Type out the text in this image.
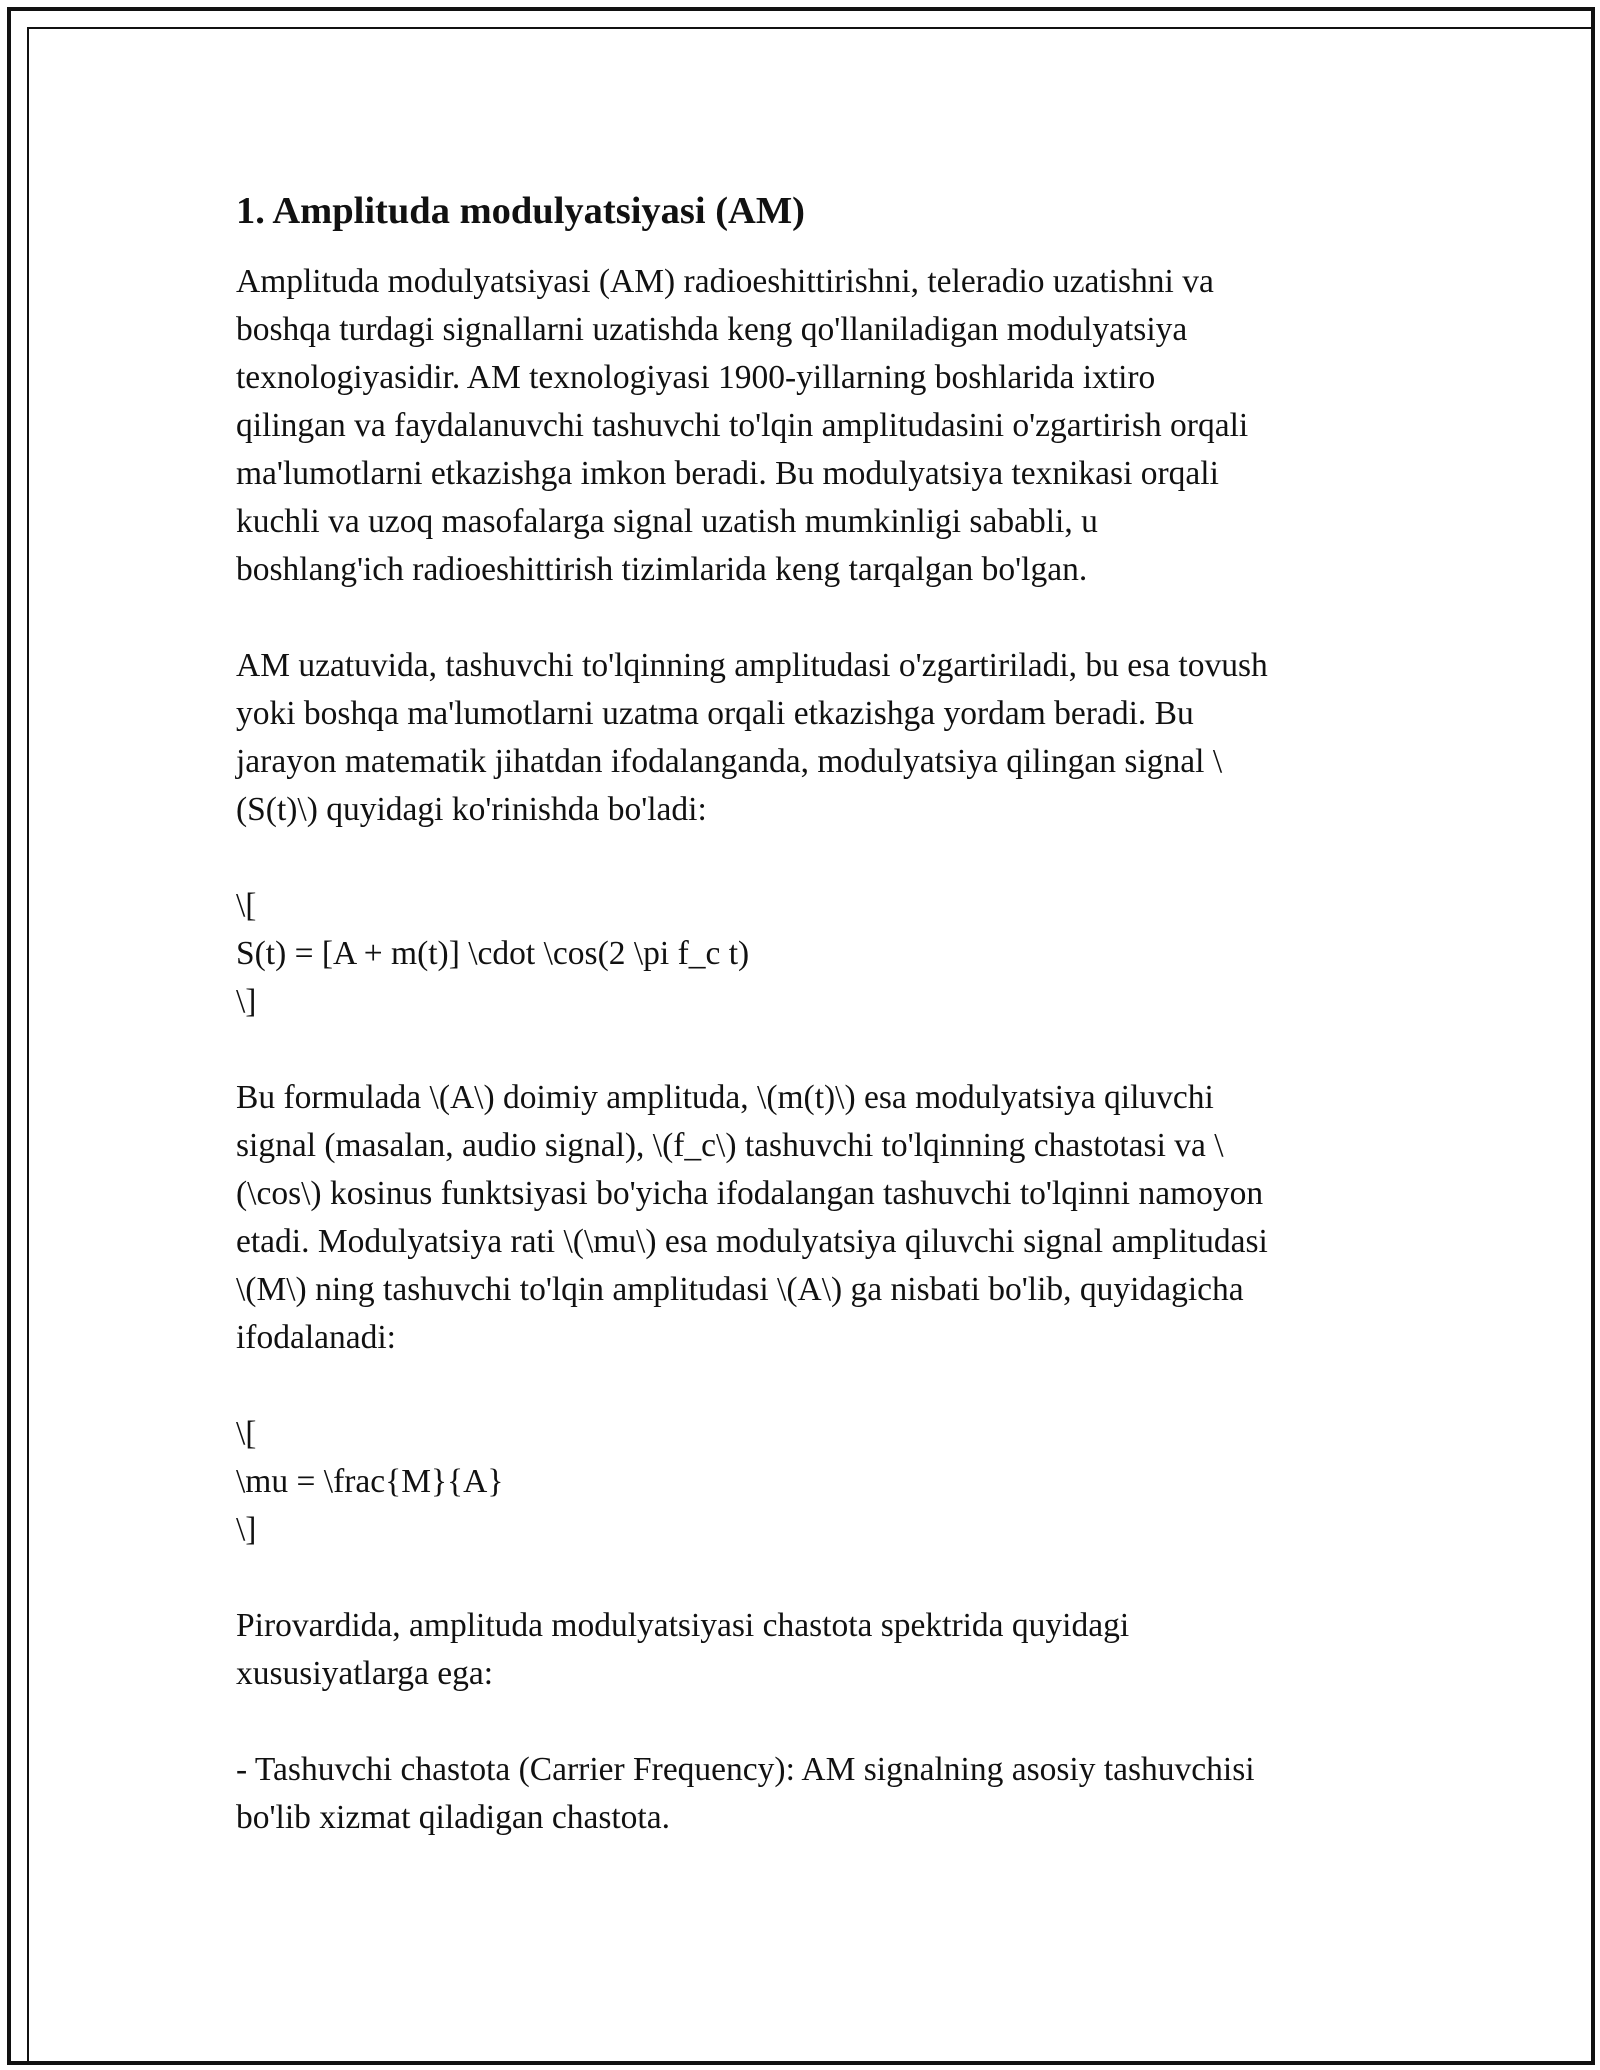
1. Amplituda modulyatsiyasi (AM)
Amplituda modulyatsiyasi (AM) radioeshittirishni, teleradio uzatishni va
boshqa turdagi signallarni uzatishda keng qo'llaniladigan modulyatsiya
texnologiyasidir. AM texnologiyasi 1900-yillarning boshlarida ixtiro
qilingan va faydalanuvchi tashuvchi to'lqin amplitudasini o'zgartirish orqali
ma'lumotlarni etkazishga imkon beradi. Bu modulyatsiya texnikasi orqali
kuchli va uzoq masofalarga signal uzatish mumkinligi sababli, u
boshlang'ich radioeshittirish tizimlarida keng tarqalgan bo'lgan.
AM uzatuvida, tashuvchi to'lqinning amplitudasi o'zgartiriladi, bu esa tovush
yoki boshqa ma'lumotlarni uzatma orqali etkazishga yordam beradi. Bu
jarayon matematik jihatdan ifodalanganda, modulyatsiya qilingan signal \
(S(t)\) quyidagi ko'rinishda bo'ladi:
\[
S(t) = [A + m(t)] \cdot \cos(2 \pi f_c t)
\]
Bu formulada \(A\) doimiy amplituda, \(m(t)\) esa modulyatsiya qiluvchi
signal (masalan, audio signal), \(f_c\) tashuvchi to'lqinning chastotasi va \
(\cos\) kosinus funktsiyasi bo'yicha ifodalangan tashuvchi to'lqinni namoyon
etadi. Modulyatsiya rati \(\mu\) esa modulyatsiya qiluvchi signal amplitudasi
\(M\) ning tashuvchi to'lqin amplitudasi \(A\) ga nisbati bo'lib, quyidagicha
ifodalanadi:
\[
\mu = \frac{M}{A}
\]
Pirovardida, amplituda modulyatsiyasi chastota spektrida quyidagi
xususiyatlarga ega:
- Tashuvchi chastota (Carrier Frequency): AM signalning asosiy tashuvchisi
bo'lib xizmat qiladigan chastota.
